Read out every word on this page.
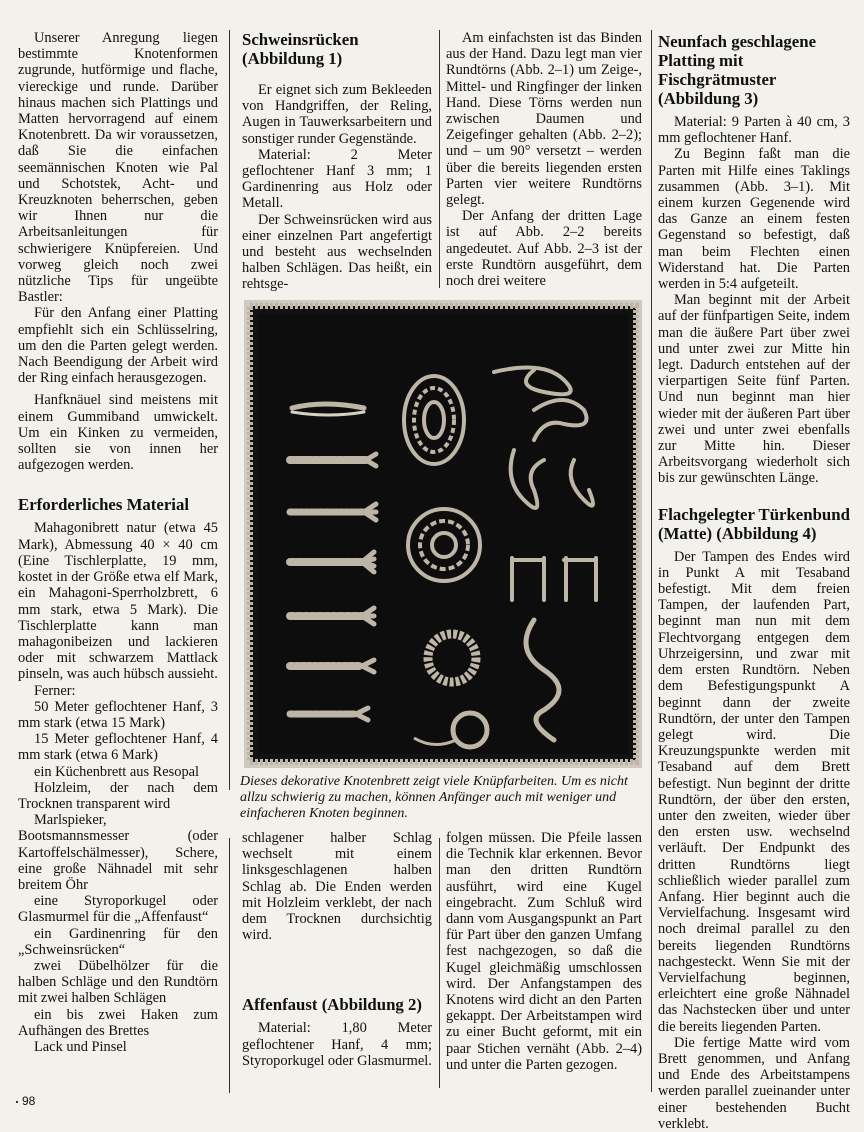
Unserer Anregung liegen bestimmte Knotenformen zugrunde, hutförmige und flache, viereckige und runde. Darüber hinaus machen sich Plattings und Matten hervorragend auf einem Knotenbrett. Da wir voraussetzen, daß Sie die einfachen seemännischen Knoten wie Pal und Schotstek, Acht- und Kreuzknoten beherrschen, geben wir Ihnen nur die Arbeitsanleitungen für schwierigere Knüpfereien. Und vorweg gleich noch zwei nützliche Tips für ungeübte Bastler:

Für den Anfang einer Platting empfiehlt sich ein Schlüsselring, um den die Parten gelegt werden. Nach Beendigung der Arbeit wird der Ring einfach herausgezogen.

Hanfknäuel sind meistens mit einem Gummiband umwickelt. Um ein Kinken zu vermeiden, sollten sie von innen her aufgezogen werden.

Erforderliches Material

Mahagonibrett natur (etwa 45 Mark), Abmessung 40 × 40 cm (Eine Tischlerplatte, 19 mm, kostet in der Größe etwa elf Mark, ein Mahagoni-Sperrholzbrett, 6 mm stark, etwa 5 Mark). Die Tischlerplatte kann man mahagonibeizen und lackieren oder mit schwarzem Mattlack pinseln, was auch hübsch aussieht.

Ferner:

50 Meter geflochtener Hanf, 3 mm stark (etwa 15 Mark)

15 Meter geflochtener Hanf, 4 mm stark (etwa 6 Mark)

ein Küchenbrett aus Resopal

Holzleim, der nach dem Trocknen transparent wird

Marlspieker, Bootsmannsmesser (oder Kartoffelschälmesser), Schere, eine große Nähnadel mit sehr breitem Öhr

eine Styroporkugel oder Glasmurmel für die „Affenfaust“

ein Gardinenring für den „Schweinsrücken“

zwei Dübelhölzer für die halben Schläge und den Rundtörn mit zwei halben Schlägen

ein bis zwei Haken zum Aufhängen des Brettes

Lack und Pinsel

Schweinsrücken (Abbildung 1)

Er eignet sich zum Bekleeden von Handgriffen, der Reling, Augen in Tauwerksarbeitern und sonstiger runder Gegenstände.

Material: 2 Meter geflochtener Hanf 3 mm; 1 Gardinenring aus Holz oder Metall.

Der Schweinsrücken wird aus einer einzelnen Part angefertigt und besteht aus wechselnden halben Schlägen. Das heißt, ein rehtsge-

Am einfachsten ist das Binden aus der Hand. Dazu legt man vier Rundtörns (Abb. 2–1) um Zeige-, Mittel- und Ringfinger der linken Hand. Diese Törns werden nun zwischen Daumen und Zeigefinger gehalten (Abb. 2–2); und – um 90° versetzt – werden über die bereits liegenden ersten Parten vier weitere Rundtörns gelegt.

Der Anfang der dritten Lage ist auf Abb. 2–2 bereits angedeutet. Auf Abb. 2–3 ist der erste Rundtörn ausgeführt, dem noch drei weitere

Neunfach geschlagene Platting mit Fischgrätmuster (Abbildung 3)

Material: 9 Parten à 40 cm, 3 mm geflochtener Hanf.

Zu Beginn faßt man die Parten mit Hilfe eines Taklings zusammen (Abb. 3–1). Mit einem kurzen Gegenende wird das Ganze an einem festen Gegenstand so befestigt, daß man beim Flechten einen Widerstand hat. Die Parten werden in 5:4 aufgeteilt.

Man beginnt mit der Arbeit auf der fünfpartigen Seite, indem man die äußere Part über zwei und unter zwei zur Mitte hin legt. Dadurch entstehen auf der vierpartigen Seite fünf Parten. Und nun beginnt man hier wieder mit der äußeren Part über zwei und unter zwei ebenfalls zur Mitte hin. Dieser Arbeitsvorgang wiederholt sich bis zur gewünschten Länge.

Flachgelegter Türkenbund (Matte) (Abbildung 4)

Der Tampen des Endes wird in Punkt A mit Tesaband befestigt. Mit dem freien Tampen, der laufenden Part, beginnt man nun mit dem Flechtvorgang entgegen dem Uhrzeigersinn, und zwar mit dem ersten Rundtörn. Neben dem Befestigungspunkt A beginnt dann der zweite Rundtörn, der unter den Tampen gelegt wird. Die Kreuzungspunkte werden mit Tesaband auf dem Brett befestigt. Nun beginnt der dritte Rundtörn, der über den ersten, unter den zweiten, wieder über den ersten usw. wechselnd verläuft. Der Endpunkt des dritten Rundtörns liegt schließlich wieder parallel zum Anfang. Hier beginnt auch die Vervielfachung. Insgesamt wird noch dreimal parallel zu den bereits liegenden Rundtörns nachgesteckt. Wenn Sie mit der Vervielfachung beginnen, erleichtert eine große Nähnadel das Nachstecken über und unter die bereits liegenden Parten.

Die fertige Matte wird vom Brett genommen, und Anfang und Ende des Arbeitstampens werden parallel zueinander unter einer bestehenden Bucht verklebt.

Dieses dekorative Knotenbrett zeigt viele Knüpfarbeiten. Um es nicht allzu schwierig zu machen, können Anfänger auch mit weniger und einfacheren Knoten beginnen.

schlagener halber Schlag wechselt mit einem linksgeschlagenen halben Schlag ab. Die Enden werden mit Holzleim verklebt, der nach dem Trocknen durchsichtig wird.

Affenfaust (Abbildung 2)

Material: 1,80 Meter geflochtener Hanf, 4 mm; Styroporkugel oder Glasmurmel.

folgen müssen. Die Pfeile lassen die Technik klar erkennen. Bevor man den dritten Rundtörn ausführt, wird eine Kugel eingebracht. Zum Schluß wird dann vom Ausgangspunkt an Part für Part über den ganzen Umfang fest nachgezogen, so daß die Kugel gleichmäßig umschlossen wird. Der Anfangstampen des Knotens wird dicht an den Parten gekappt. Der Arbeitstampen wird zu einer Bucht geformt, mit ein paar Stichen vernäht (Abb. 2–4) und unter die Parten gezogen.

98
